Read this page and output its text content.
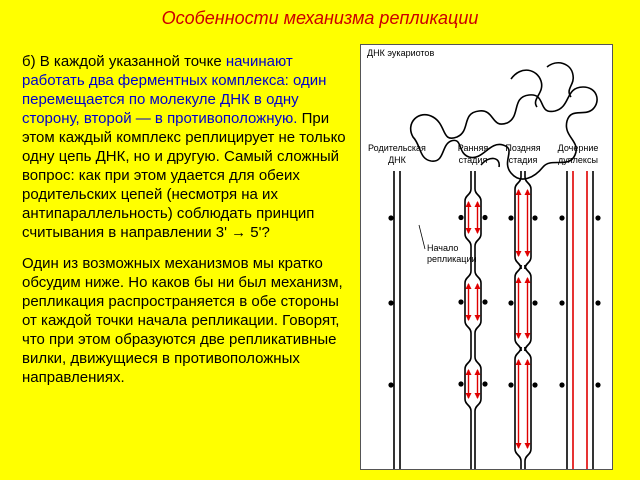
Особенности механизма репликации

б) В каждой указанной точке начинают работать два ферментных комплекса: один перемещается по молекуле ДНК в одну сторону, второй — в противоположную. При этом каждый комплекс реплицирует не только одну цепь ДНК, но и другую. Самый сложный вопрос: как при этом удается для обеих родительских цепей (несмотря на их антипараллельность) соблюдать принцип считывания в направлении 3' → 5'?

Один из возможных механизмов мы кратко обсудим ниже. Но каков бы ни был механизм, репликация распространяется в обе стороны от каждой точки начала репликации. Говорят, что при этом образуются две репликативные вилки, движущиеся в противоположных направлениях.

ДНК эукариотов
Родительская
ДНК
Ранняя
стадия
Поздняя
стадия
Дочерние
дуплексы
Начало
репликации
